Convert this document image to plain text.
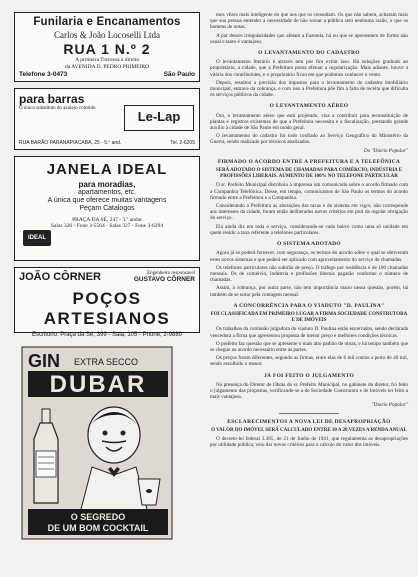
Funilaria e Encanamentos
Carlos & João Locoselli Ltda
RUA 1 N.º 2
A primeira Travessa à direita
da AVENIDA D. PEDRO PRIMEIRO
Telefone 3-0473	São Paulo
para barras
O único substituto do azulejo colorido
Le-Lap
RUA BARÃO PARANAPIACABA, 25 - 5.º and.	Tel. 2-6205
JANELA IDEAL
para moradias,
apartamentos, etc.
A única que oferece muitas vantagens
Peçam Catalogos
PRAÇA DA SÉ, 247 - 3.º andar
Salas 326 - Fone 3-5564 · Salas 327 - Fone 3-6294
IDEAL
JOÃO CÔRNER	Engenheiro responsavel
GUSTAVO CÔRNER
POÇOS ARTESIANOS
Escritorio: Praça da Sé, 399 - Sala, 105 - Phone, 2-9880
GIN EXTRA SECCO
DUBAR
O SEGREDO
DE UM BOM COCKTAIL

mos vêzes mais inteligente do que aos que os consultam. Os que não sabem, acharam mais que sua pessoa entender a necessidade de não tornar a pública sem nenhuma razão, o que os homens de notas.

A par desses irregularidades que afetam a Fazenda, há ou que se apresentem de forma não usual e tanto é vantajoso.

O LEVANTAMENTO DO CADASTRO

O levantamento literário é através tem por fim evitar isso. Há soluções graduais ao proprietário, a cidade, que a Prefeitura possa efetuar a regularização. Mais adiante, houve a vitória dos contribuintes, e o proprietário ficou em que podemos conhecer o vento.

Depois, resultou a precisão dos impostos para o levantamento do cadastro imobiliário municipal, entrave da cobrança, e com isso a Prefeitura põe fim à falta de receita que dificulta os serviços públicos da cidade.

O LEVANTAMENTO AÉREO

Ora, o levantamento aéreo que está projetado, visa a contribuir para reconstituição de plantas e registros existentes de que a Prefeitura necessita e a fiscalização, prestando grande auxílio à cidade de São Paulo em modo geral.

O levantamento do cadastro foi todo confiado ao Serviço Geográfico do Ministério da Guerra, sendo realizado por técnicos abalizados.

Do "Diario Popular"
FIRMADO O ACORDO ENTRE A PREFEITURA E A TELEFÔNICA
SERÁ ADOTADO O SISTEMA DE CHAMADAS PARA COMÉRCIO, INDÚSTRIA E PROFISSÕES LIBERAIS. AUMENTO DE 100% NO TELEFONE PARTICULAR

O sr. Prefeito Municipal distribuiu à imprensa um comunicado sobre o acordo firmado com a Companhia Telefônica. Desse, em tempo, comunicamos de São Paulo os termos do acordo firmado entre a Prefeitura e a Companhia.

Considerando a Prefeitura as alterações das taxas e do sistema em vigor, não corresponde aos interesses da cidade, foram então deliberados novos critérios em prol da regular obrigação do serviço.

Ela ainda diz em toda o serviço, considerando-se cada bairro como uma só unidade em quem residir a taxa referente a telefones particulares.

O SISTEMA ADOTADO

Agora já se poderá fornecer, com segurança, os termos do acordo sobre o qual se obtiveram estes novos sistemas e que poderá ser aplicado com aproveitamento do serviço de chamadas.

Os telefones particulares não subirão de preço. O tráfego por residência é de 100 chamadas mensais. Os de comércio, indústria e profissões liberais pagarão conforme o número de chamadas.

Assim, a cobrança, por outra parte, não tem importância maior nessa questão, porém, há também de se notar pela contagem mensal.

A CONCORRÊNCIA PARA O VIADUTO "D. PAULINA"
FOI CLASSIFICADA EM PRIMEIRO LUGAR A FIRMA SOCIEDADE CONSTRUTORA E DE IMÓVEIS

Os trabalhos da comissão julgadora do viaduto D. Paulina estão encerrados, sendo declarada vencedora a firma que apresentou proposta de menor preço e melhores condições técnicas.

O prefeito faz questão que se apresente o mais alto padrão de obras, e há tempo também que se chegue ao acordo necessário entre as partes.

Os preços foram diferentes, segundo as firmas, entre elas de 6 mil contos a perto de 40 mil, sendo escolhido o menor.

JÁ FOI FEITO O JULGAMENTO

Na presença do Diretor de Obras do sr. Prefeito Municipal, no gabinete do diretor, foi feito o julgamento das propostas, verificando-se a de Sociedade Construtora e de Imóveis ter feito a mais vantajosa.

"Diario Popular"
ESCLARECIMENTOS A NOVA LEI DE DESAPROPRIAÇÃO
O VALOR DO IMÓVEL SERÁ CALCULADO ENTRE 10 A 20 VEZES A RENDA ANUAL

O decreto-lei federal 3.365, de 21 de Junho de 1941, que regulamenta as desapropriações por utilidade pública, veio dar novos critérios para o cálculo do valor dos imóveis.
